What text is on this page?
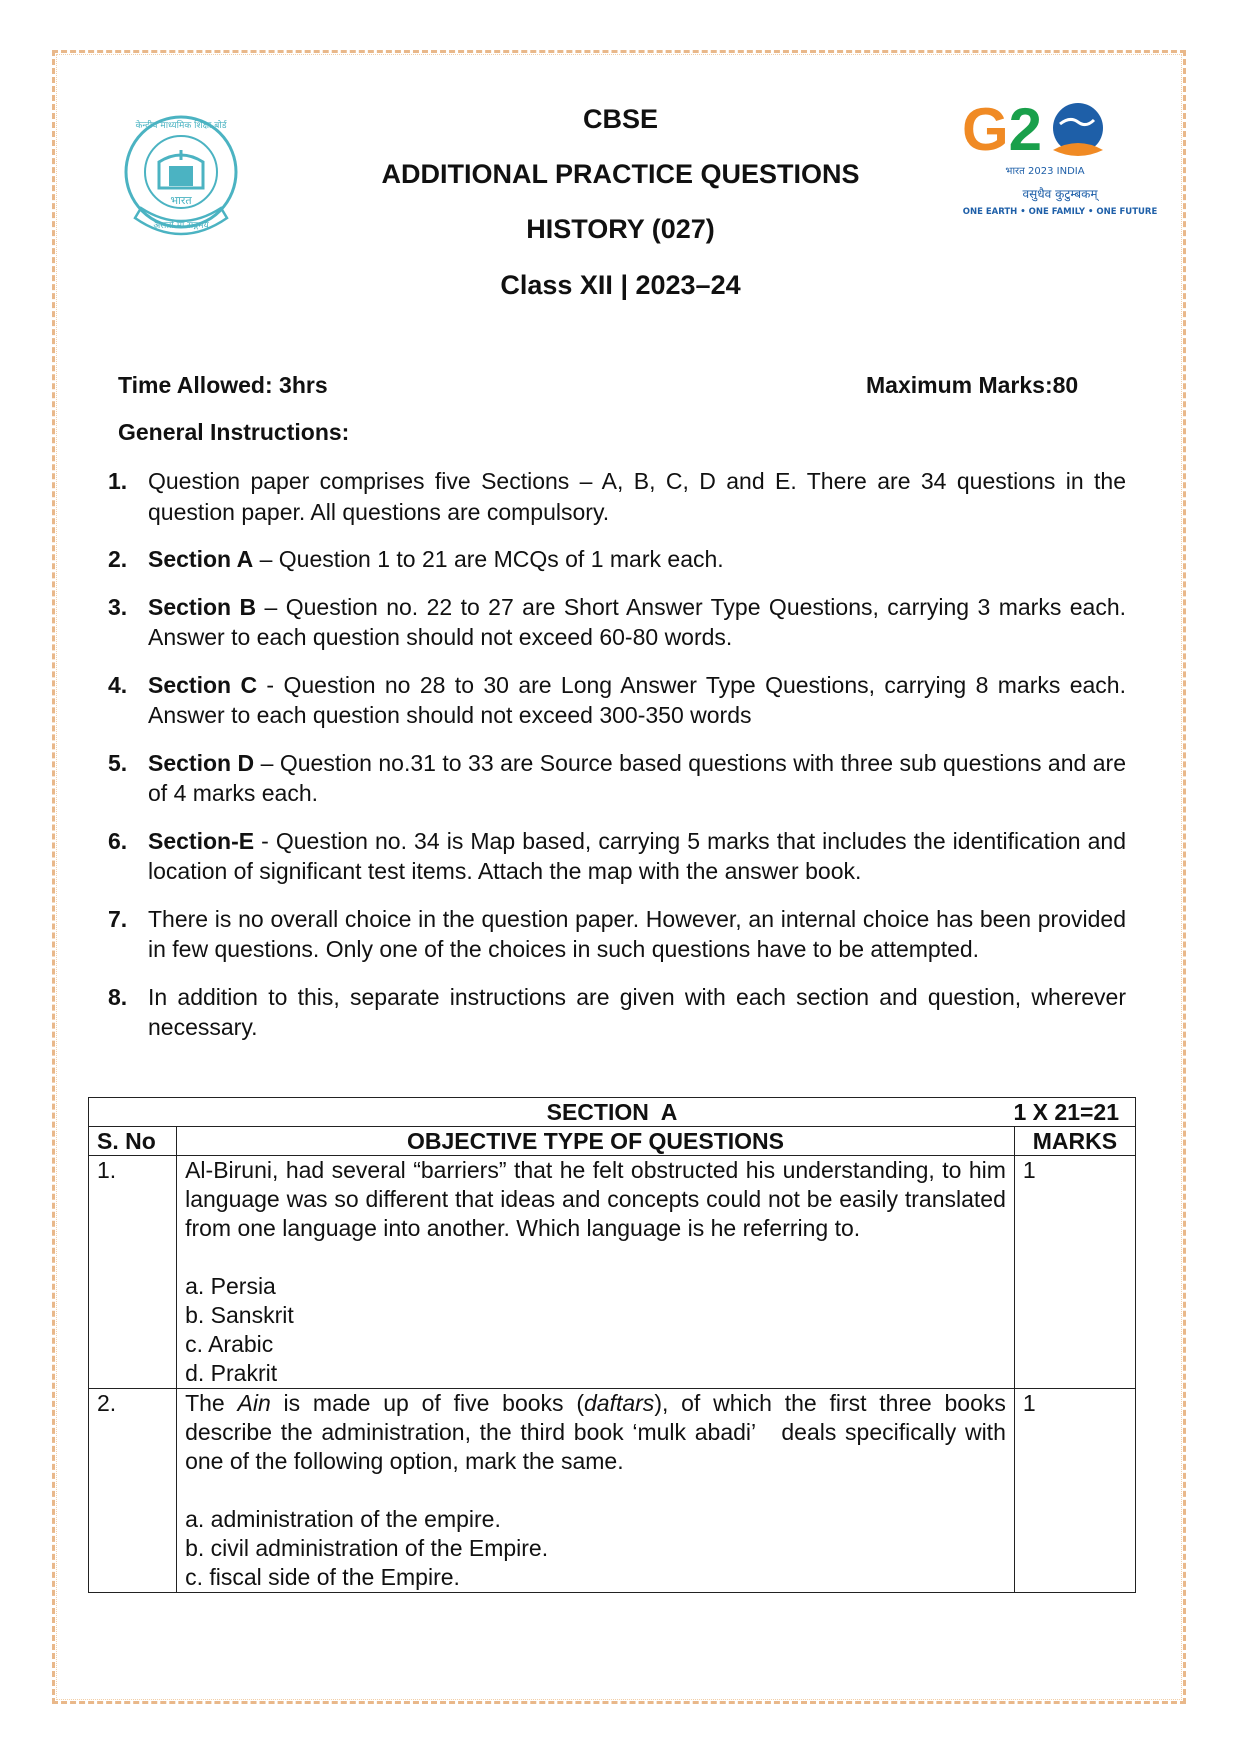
भारत
असतो मा सद्गमय
केन्द्रीय माध्यमिक शिक्षा बोर्ड	G2
भारत 2023 INDIA
वसुधैव कुटुम्बकम्
ONE EARTH • ONE FAMILY • ONE FUTURE
CBSE
ADDITIONAL PRACTICE QUESTIONS
HISTORY (027)
Class XII | 2023–24
Time Allowed: 3hrs	Maximum Marks:80
General Instructions:
1. Question paper comprises five Sections – A, B, C, D and E. There are 34 questions in the question paper. All questions are compulsory.
2. Section A – Question 1 to 21 are MCQs of 1 mark each.
3. Section B – Question no. 22 to 27 are Short Answer Type Questions, carrying 3 marks each. Answer to each question should not exceed 60-80 words.
4. Section C - Question no 28 to 30 are Long Answer Type Questions, carrying 8 marks each. Answer to each question should not exceed 300-350 words
5. Section D – Question no.31 to 33 are Source based questions with three sub questions and are of 4 marks each.
6. Section-E - Question no. 34 is Map based, carrying 5 marks that includes the identification and location of significant test items. Attach the map with the answer book.
7. There is no overall choice in the question paper. However, an internal choice has been provided in few questions. Only one of the choices in such questions have to be attempted.
8. In addition to this, separate instructions are given with each section and question, wherever necessary.
SECTION  A 1 X 21=21		

S. No	OBJECTIVE TYPE OF QUESTIONS	MARKS
1.	Al-Biruni, had several “barriers” that he felt obstructed his understanding, to him language was so different that ideas and concepts could not be easily translated from one language into another. Which language is he referring to.
a. Persia
b. Sanskrit
c. Arabic
d. Prakrit	1
2.	The Ain is made up of five books (daftars), of which the first three books describe the administration, the third book ‘mulk abadi’   deals specifically with one of the following option, mark the same.
a. administration of the empire.
b. civil administration of the Empire.
c. fiscal side of the Empire.	1
